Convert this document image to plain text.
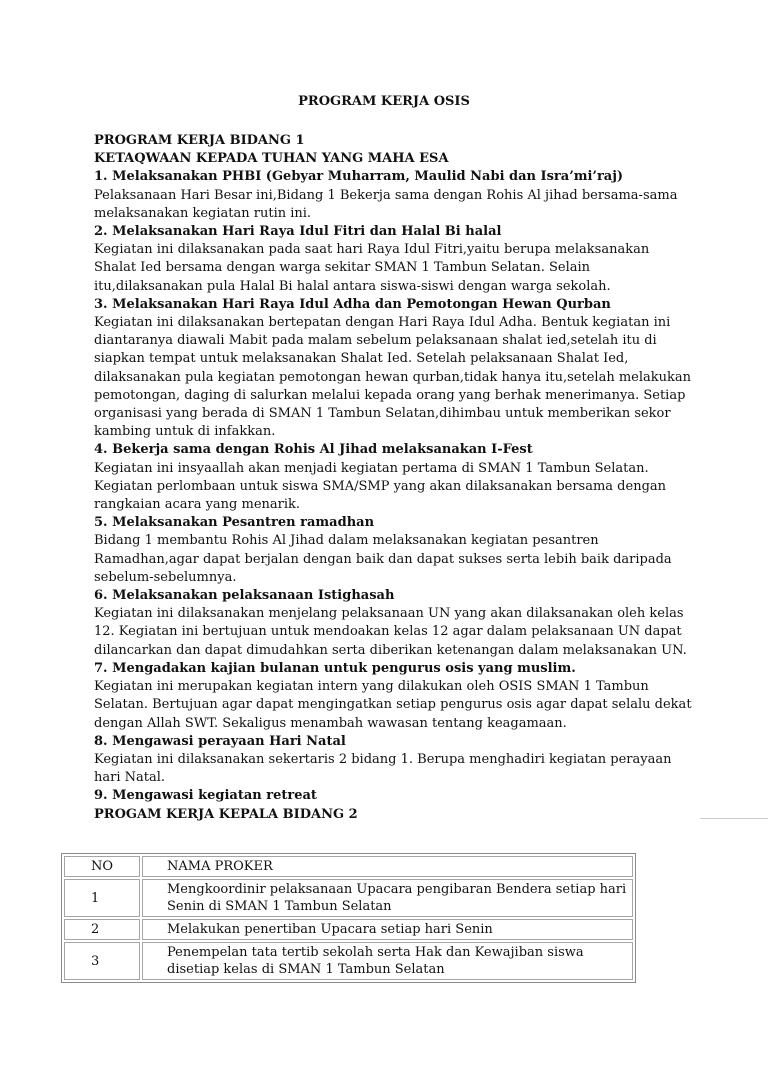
PROGRAM KERJA OSIS
PROGRAM KERJA BIDANG 1
KETAQWAAN KEPADA TUHAN YANG MAHA ESA
1. Melaksanakan PHBI (Gebyar Muharram, Maulid Nabi dan Isra’mi’raj)
Pelaksanaan Hari Besar ini,Bidang 1 Bekerja sama dengan Rohis Al jihad bersama-sama melaksanakan kegiatan rutin ini.
2. Melaksanakan Hari Raya Idul Fitri dan Halal Bi halal
Kegiatan ini dilaksanakan pada saat hari Raya Idul Fitri,yaitu berupa melaksanakan Shalat Ied bersama dengan warga sekitar SMAN 1 Tambun Selatan. Selain itu,dilaksanakan pula Halal Bi halal antara siswa-siswi dengan warga sekolah.
3. Melaksanakan Hari Raya Idul Adha dan Pemotongan Hewan Qurban
Kegiatan ini dilaksanakan bertepatan dengan Hari Raya Idul Adha. Bentuk kegiatan ini diantaranya diawali Mabit pada malam sebelum pelaksanaan shalat ied,setelah itu di siapkan tempat untuk melaksanakan Shalat Ied. Setelah pelaksanaan Shalat Ied, dilaksanakan pula kegiatan pemotongan hewan qurban,tidak hanya itu,setelah melakukan pemotongan, daging di salurkan melalui kepada orang yang berhak menerimanya. Setiap organisasi yang berada di SMAN 1 Tambun Selatan,dihimbau untuk memberikan sekor kambing untuk di infakkan.
4. Bekerja sama dengan Rohis Al Jihad melaksanakan I-Fest
Kegiatan ini insyaallah akan menjadi kegiatan pertama di SMAN 1 Tambun Selatan. Kegiatan perlombaan untuk siswa SMA/SMP yang akan dilaksanakan bersama dengan rangkaian acara yang menarik.
5. Melaksanakan Pesantren ramadhan
Bidang 1 membantu Rohis Al Jihad dalam melaksanakan kegiatan pesantren Ramadhan,agar dapat berjalan dengan baik dan dapat sukses serta lebih baik daripada sebelum-sebelumnya.
6. Melaksanakan pelaksanaan Istighasah
Kegiatan ini dilaksanakan menjelang pelaksanaan UN yang akan dilaksanakan oleh kelas 12. Kegiatan ini bertujuan untuk mendoakan kelas 12 agar dalam pelaksanaan UN dapat dilancarkan dan dapat dimudahkan serta diberikan ketenangan dalam melaksanakan UN.
7. Mengadakan kajian bulanan untuk pengurus osis yang muslim.
Kegiatan ini merupakan kegiatan intern yang dilakukan oleh OSIS SMAN 1 Tambun Selatan. Bertujuan agar dapat mengingatkan setiap pengurus osis agar dapat selalu dekat dengan Allah SWT. Sekaligus menambah wawasan tentang keagamaan.
8. Mengawasi perayaan Hari Natal
Kegiatan ini dilaksanakan sekertaris 2 bidang 1. Berupa menghadiri kegiatan perayaan hari Natal.
9. Mengawasi kegiatan retreat
PROGAM KERJA KEPALA BIDANG 2
NO	NAMA PROKER
1	Mengkoordinir pelaksanaan Upacara pengibaran Bendera setiap hari Senin di SMAN 1 Tambun Selatan
2	Melakukan penertiban Upacara setiap hari Senin
3	Penempelan tata tertib sekolah serta Hak dan Kewajiban siswa disetiap kelas di SMAN 1 Tambun Selatan
